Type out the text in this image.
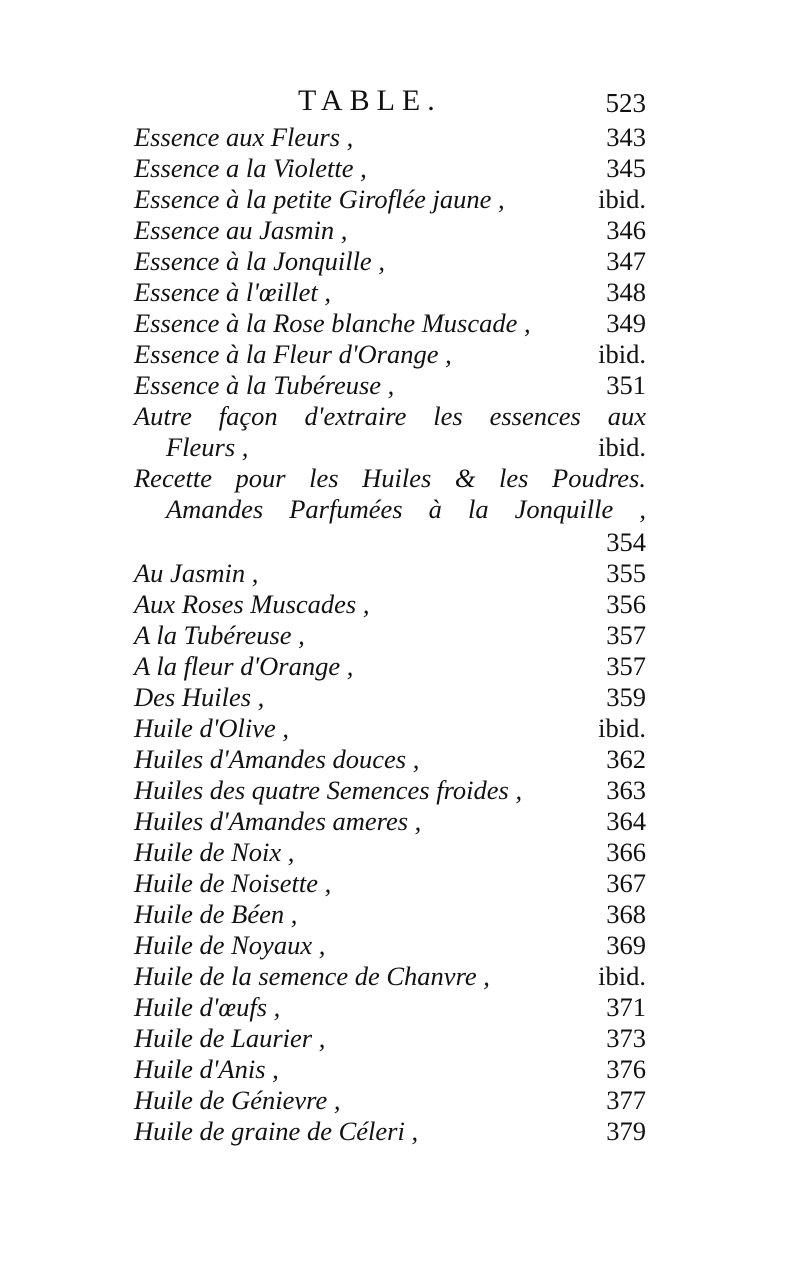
TABLE.	523
Essence aux Fleurs ,	343
Essence a la Violette ,	345
Essence à la petite Giroflée jaune ,	ibid.
Essence au Jasmin ,	346
Essence à la Jonquille ,	347
Essence à l'œillet ,	348
Essence à la Rose blanche Muscade ,	349
Essence à la Fleur d'Orange ,	ibid.
Essence à la Tubéreuse ,	351
Autre façon d'extraire les essences aux
Fleurs ,	ibid.
Recette pour les Huiles & les Poudres.
Amandes Parfumées à la Jonquille ,
354
Au Jasmin ,	355
Aux Roses Muscades ,	356
A la Tubéreuse ,	357
A la fleur d'Orange ,	357
Des Huiles ,	359
Huile d'Olive ,	ibid.
Huiles d'Amandes douces ,	362
Huiles des quatre Semences froides ,	363
Huiles d'Amandes ameres ,	364
Huile de Noix ,	366
Huile de Noisette ,	367
Huile de Béen ,	368
Huile de Noyaux ,	369
Huile de la semence de Chanvre ,	ibid.
Huile d'œufs ,	371
Huile de Laurier ,	373
Huile d'Anis ,	376
Huile de Génievre ,	377
Huile de graine de Céleri ,	379
